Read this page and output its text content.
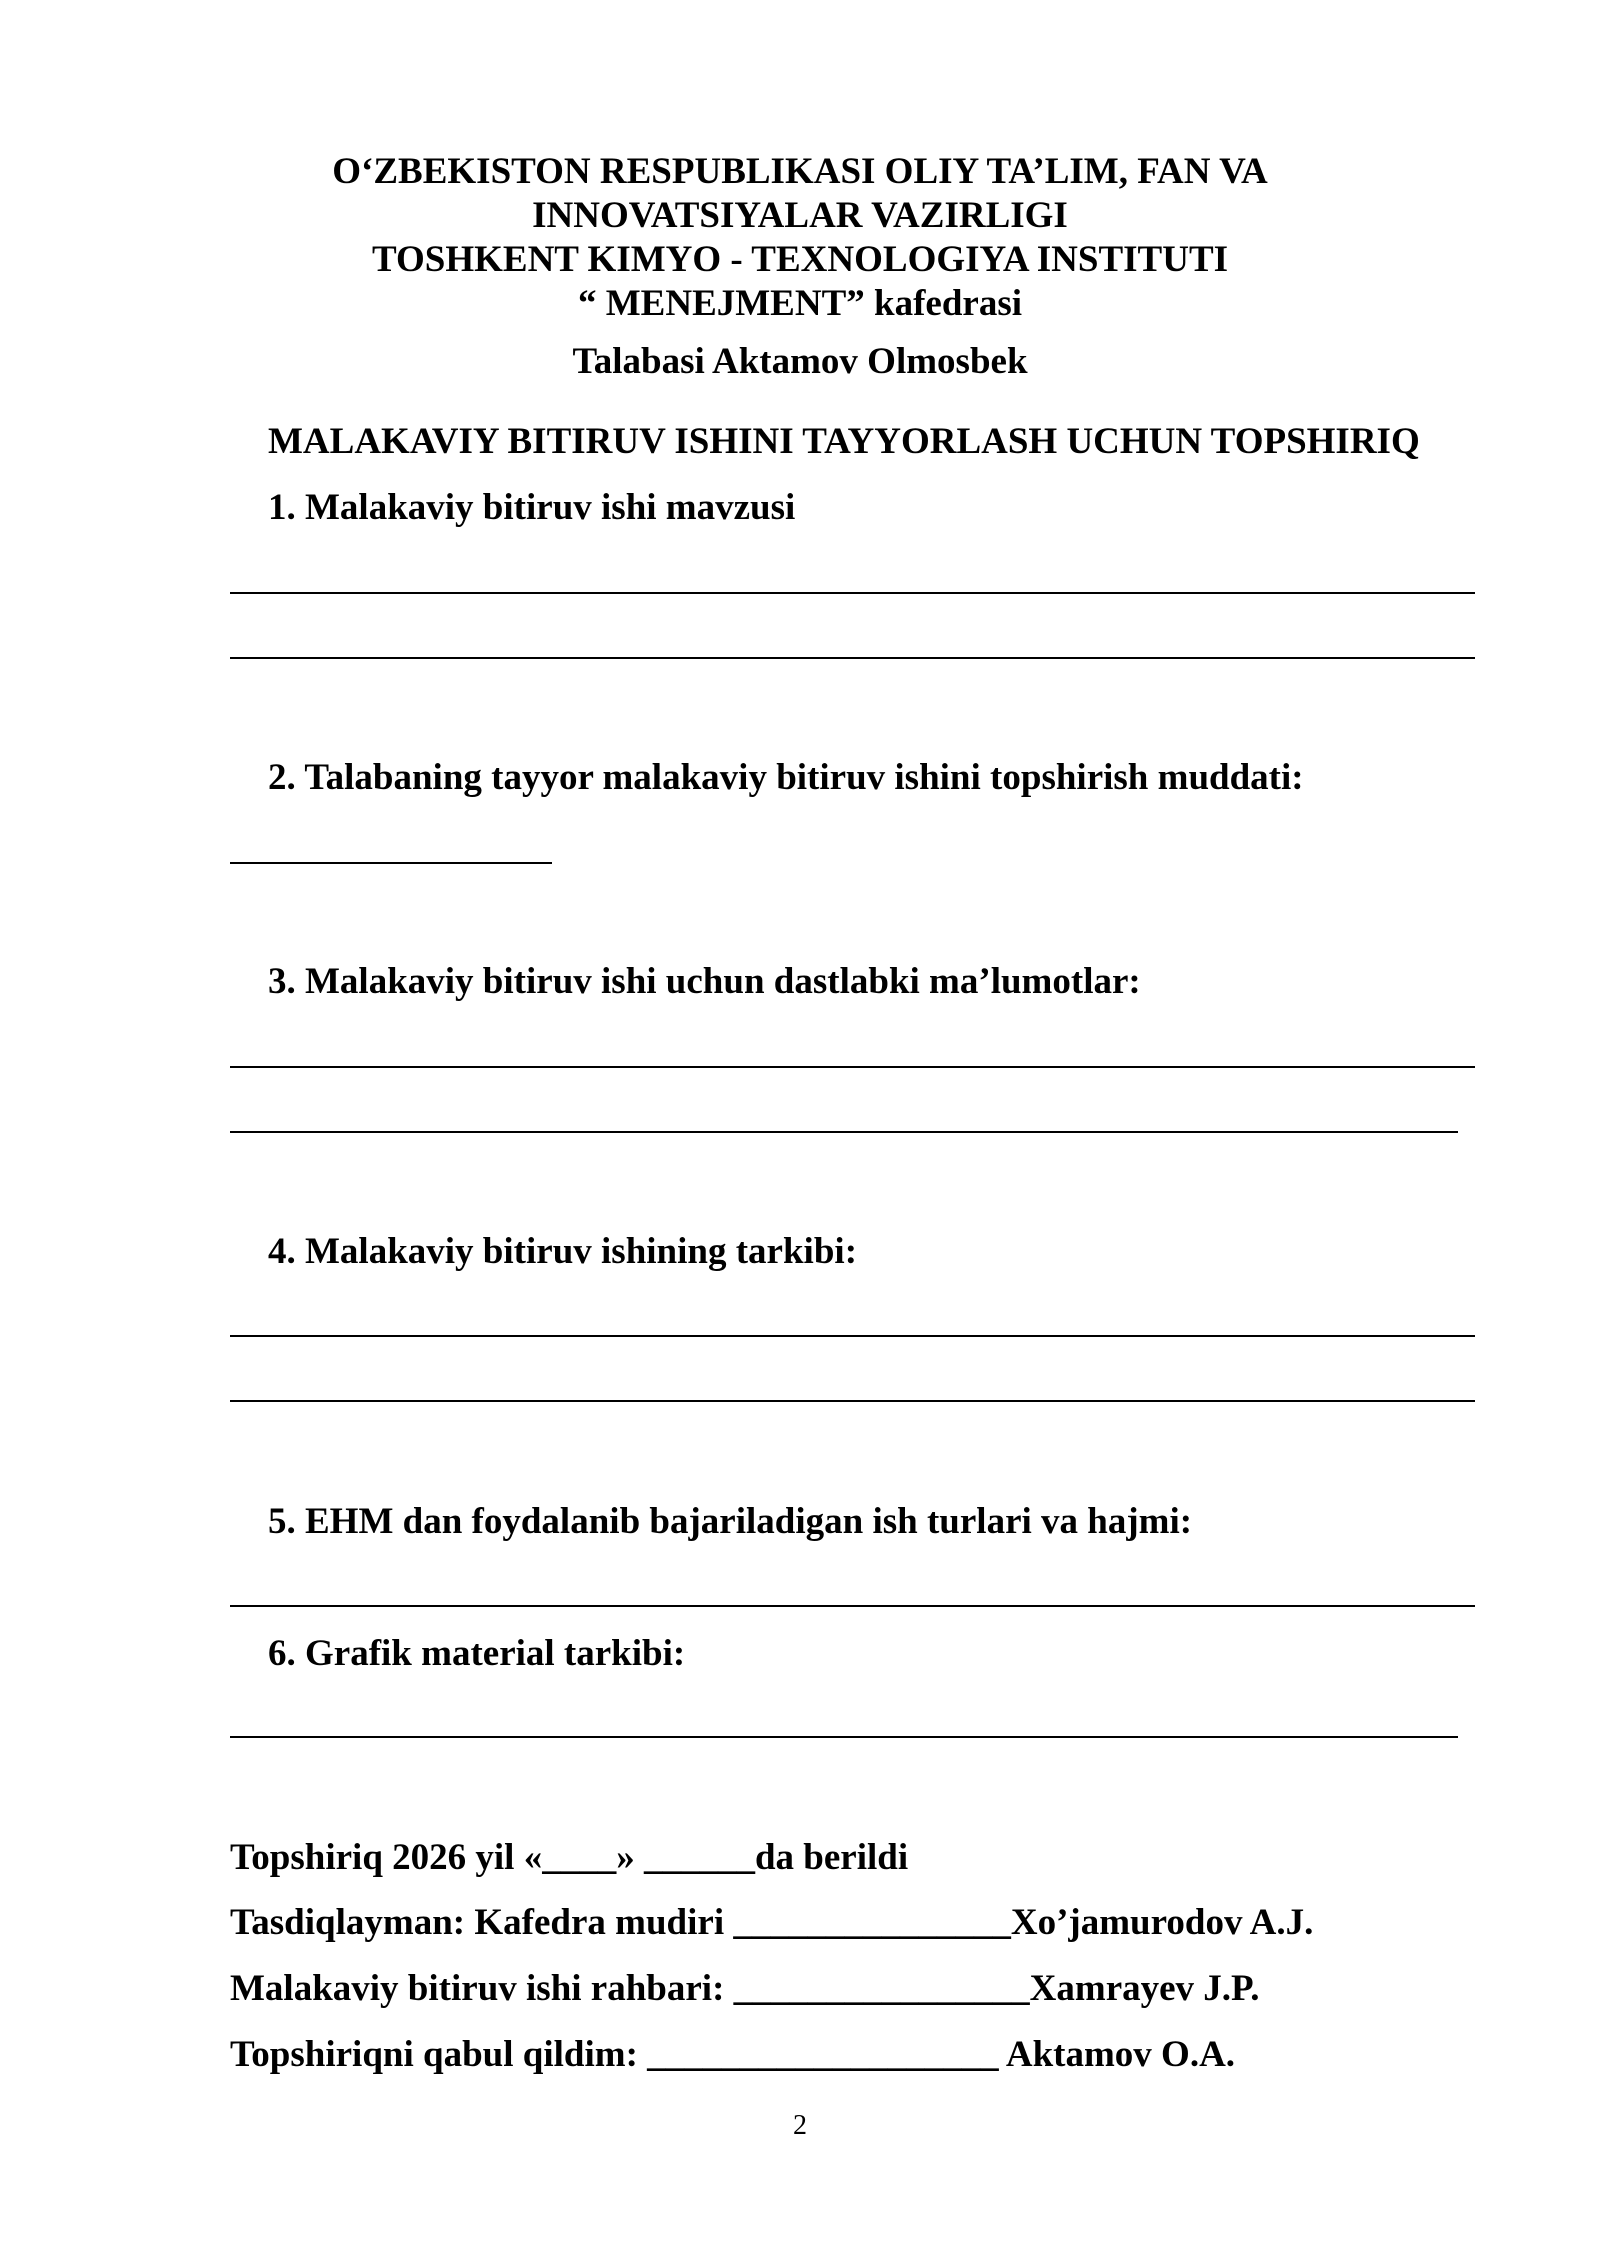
O‘ZBEKISTON RESPUBLIKASI OLIY TA’LIM, FAN VA
INNOVATSIYALAR VAZIRLIGI
TOSHKENT KIMYO - TEXNOLOGIYA INSTITUTI
“ MENEJMENT” kafedrasi
Talabasi Aktamov Olmosbek
MALAKAVIY BITIRUV ISHINI TAYYORLASH UCHUN TOPSHIRIQ
1. Malakaviy bitiruv ishi mavzusi
2. Talabaning tayyor malakaviy bitiruv ishini topshirish muddati:
3. Malakaviy bitiruv ishi uchun dastlabki ma’lumotlar:
4. Malakaviy bitiruv ishining tarkibi:
5. EHM dan foydalanib bajariladigan ish turlari va hajmi:
6. Grafik material tarkibi:
Topshiriq 2026 yil «____» ______da berildi
Tasdiqlayman: Kafedra mudiri _______________Xo’jamurodov A.J.
Malakaviy bitiruv ishi rahbari: ________________Xamrayev J.P.
Topshiriqni qabul qildim: ___________________ Aktamov O.A.
2
